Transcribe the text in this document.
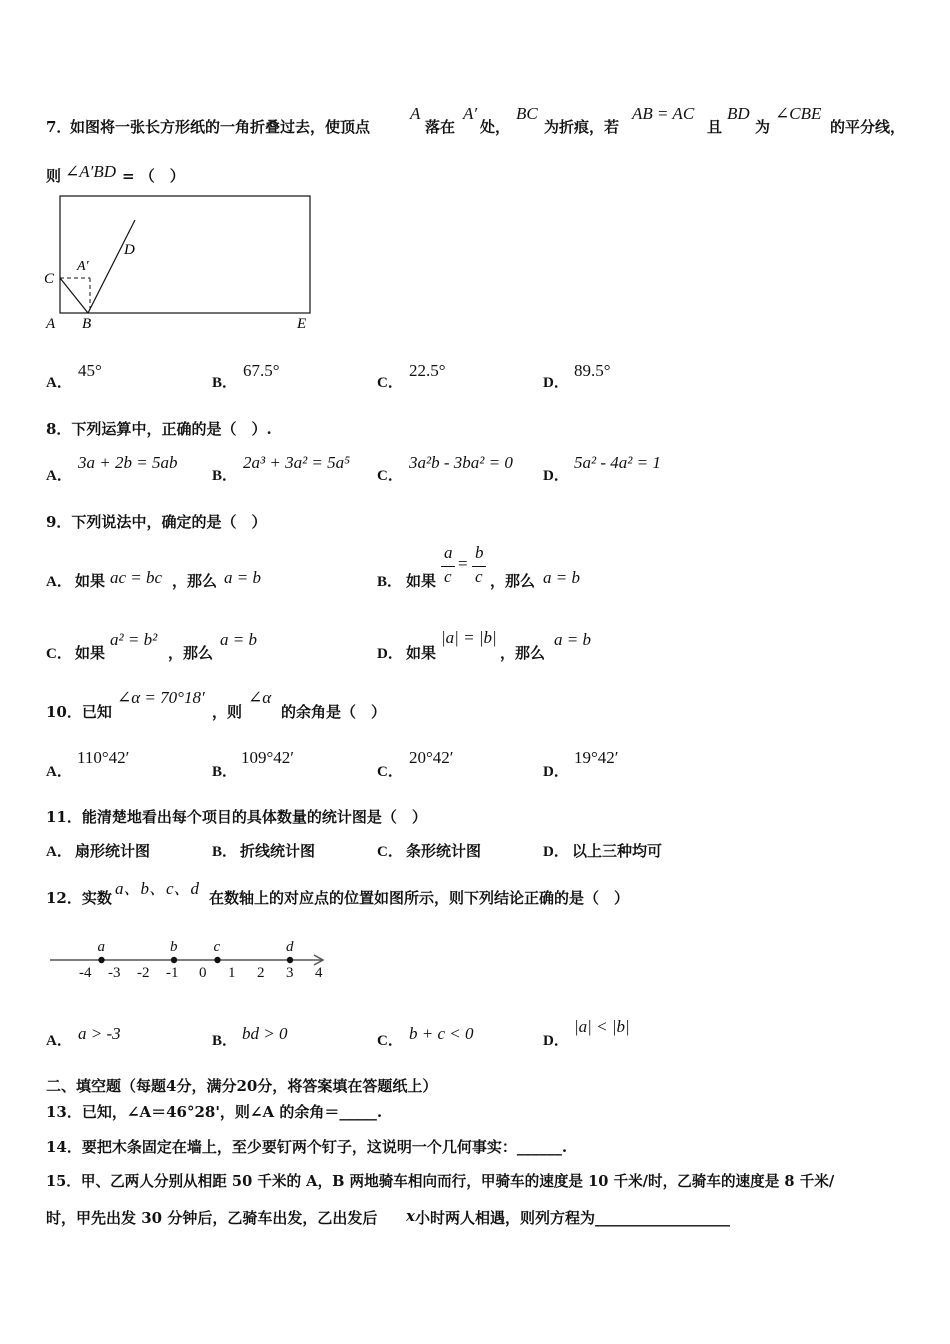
7．
如图将一张长方形纸的一角折叠过去，使顶点
A
落在
A′
处，
BC
为折痕，若
AB = AC
且
BD
为
∠CBE
的平分线，
则 ∠A′BD = （　）
C
A′
D
A B	E
A．
45°
B．
67.5°
C．
22.5°
D．
89.5°
8．下列运算中，正确的是（　）.
A．
3a + 2b = 5ab
B．
2a³ + 3a² = 5a⁵
C．
3a²b - 3ba² = 0
D．
5a² - 4a² = 1
9．下列说法中，确定的是（　）
A． 如果 ac = bc ，那么 a = b	B． 如果
a
c
=
b
c ，那么 a = b
C． 如果
a² = b²
，那么
a = b
D． 如果
|a| = |b|
，那么
a = b
10．已知
∠α = 70°18′
，则
∠α
的余角是（　）
A．
110°42′
B．
109°42′
C．
20°42′
D．
19°42′
11．能清楚地看出每个项目的具体数量的统计图是（　）
A． 扇形统计图	B． 折线统计图	C． 条形统计图	D． 以上三种均可
12．实数 a、b、c、d 在数轴上的对应点的位置如图所示，则下列结论正确的是（　）
-4 -3 -2 -1 0 1 2 3 4
a	b c	d
A． a > -3	B． bd > 0	C． b + c < 0	D．
|a| < |b|
二、填空题（每题4分，满分20分，将答案填在答题纸上）
13．已知，∠A＝46°28'，则∠A 的余角＝_____.
14．要把木条固定在墙上，至少要钉两个钉子，这说明一个几何事实：______.
15．甲、乙两人分别从相距 50 千米的 A，B 两地骑车相向而行，甲骑车的速度是 10 千米/时，乙骑车的速度是 8 千米/
时，甲先出发 30 分钟后，乙骑车出发，乙出发后 x 小时两人相遇，则列方程为__________________
